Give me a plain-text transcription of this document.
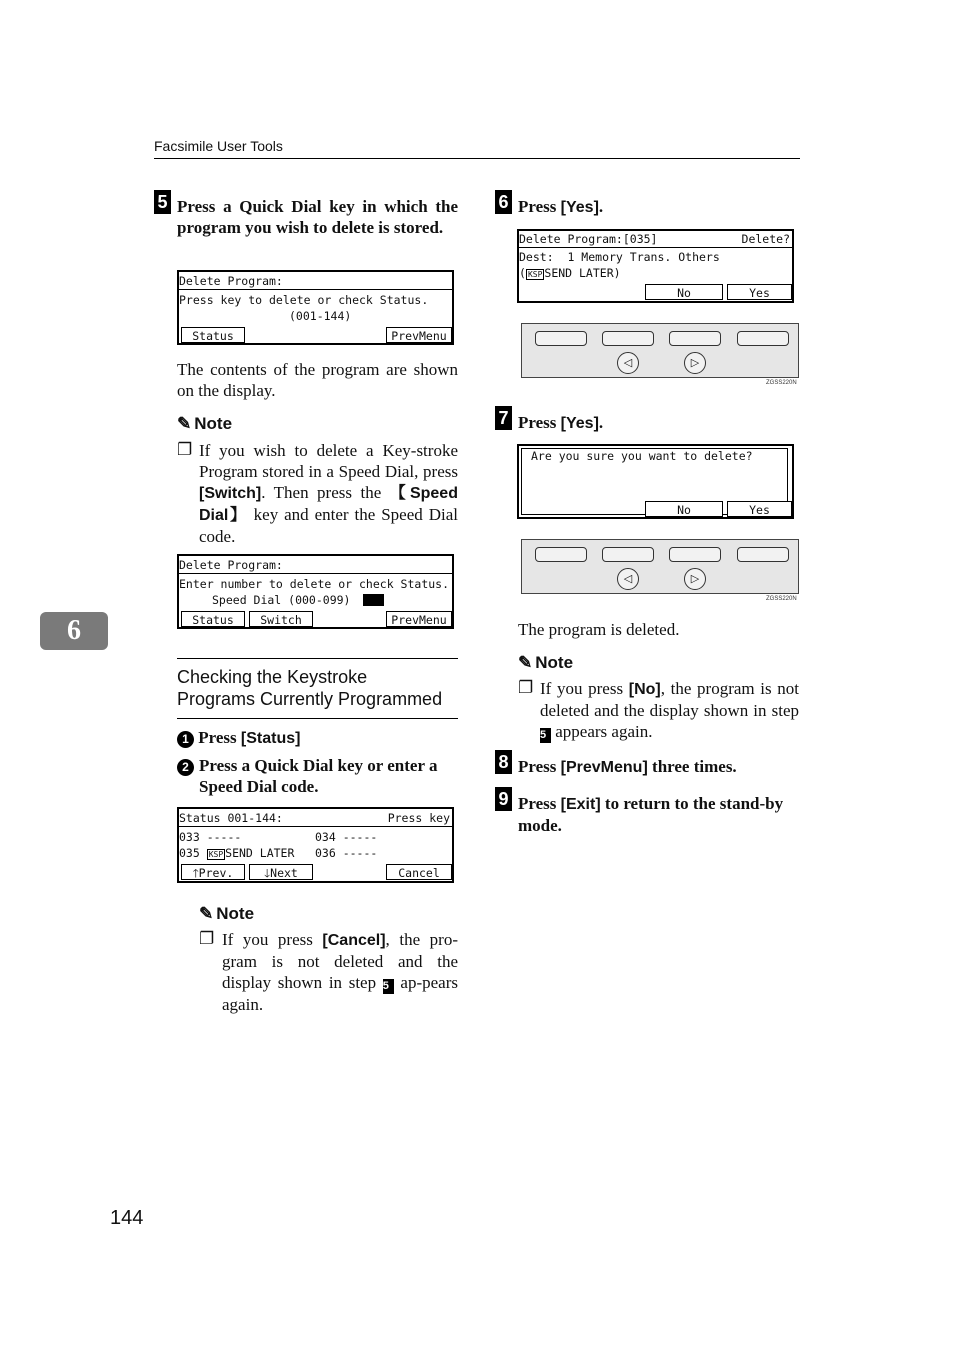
Facsimile User Tools
6
5 Press a Quick Dial key in which the program you wish to delete is stored.
Delete Program:
Press key to delete or check Status.
(001-144)
Status	PrevMenu
The contents of the program are shown on the display.
✎ Note
❐ If you wish to delete a Key-stroke Program stored in a Speed Dial, press [Switch]. Then press the 【Speed Dial】 key and enter the Speed Dial code.
Delete Program:
Enter number to delete or check Status.
Speed Dial (000-099)
Status	Switch	PrevMenu
Checking the Keystroke
Programs Currently Programmed
1 Press [Status]
2 Press a Quick Dial key or enter a Speed Dial code.
Status 001-144:	Press key
033 -----	034 -----
035 KSP SEND LATER 036 -----
🡑Prev.	🡓Next	Cancel
✎ Note
❐ If you press [Cancel], the pro-gram is not deleted and the display shown in step 5 ap-pears again.
6 Press [Yes].
Delete Program:[035]	Delete?
Dest:  1 Memory Trans. Others
( KSP SEND LATER)
No	Yes
◁	▷
ZGSS220N
7 Press [Yes].
Are you sure you want to delete?
No	Yes
◁	▷
ZGSS220N
The program is deleted.
✎ Note
❐ If you press [No], the program is not deleted and the display shown in step 5 appears again.
8 Press [PrevMenu] three times.
9 Press [Exit] to return to the stand-by mode.
144
